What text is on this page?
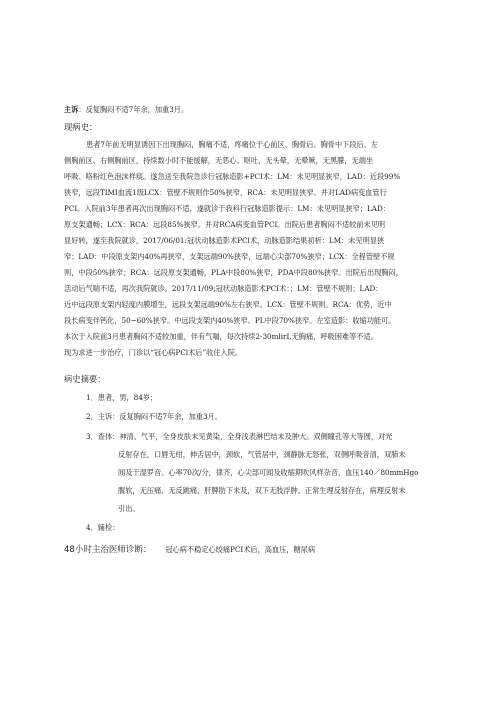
主诉：反复胸闷不适7年余，加重3月。
现病史：
患者7年前无明显诱因下出现胸闷，胸痛不适，疼痛位于心前区、胸骨后、胸骨中下段后、左
侧胸前区、右侧胸前区，持续数小时不能缓解，无恶心、呕吐，无头晕，无晕厥，无黑朦，无端坐
呼吸、咯粉红色泡沫样痰。遂急送至我院急诊行冠脉造影+PCI术：LM：未见明显狭窄，LAD：近段99%
狭窄，远段TIMI血流1级LCX：管壁不规则作50%狭窄，RCA：未见明显狭窄。并对LAD病变血管行
PCI。入院前3年患者再次出现胸闷不适，遂就诊于我科行冠脉造影提示：LM：未见明显狭窄；LAD：
原支架通畅；LCX：RCA：远段85%狭窄。并对RCA病变血管PCI。出院后患者胸闷不适较前未见明
显好转，遂至我院就诊，2017/06/01:冠状动脉造影术PCl术，动脉造影结果初析：LM：未见明显狭
窄；LAD：中段原支架内40%再狭窄，支架远端90%狭窄，远端心尖部70%狭窄；LCX：全程管壁不规
则，中段50%狭窄；RCA：远段原支架通畅，PLA中段80%狭窄，PDA中段80%狭窄。出院后出现胸闷，
活动后气喘不适，再次我院就诊。2017/11/09;冠状动脉造影术PCI术：；LM：管壁不规则；LAD：
近中远段原支架内轻度内膜增生，远段支架远端90%左右狭窄。LCX：管壁不规则。RCA：优势，近中
段长病变伴钙化，50~60%狭窄。中远段支架内40%狭窄。PL中段70%狭窄。左室造影：收缩功能可。
本次于入院前3月患者胸闷不适较加重，伴有气喘，每次持续2-30mlirI,无胸痛，呼吸困难等不适。
现为求进一步治疗，门诊以“冠心病PCl术后”收住入院。
病史摘要：
1．患者，男，84岁；
2．主诉：反复胸闷不适7年余，加重3月。
3．查体：神清、气平，全身皮肤未见黄染，全身浅表淋巴结未及肿大。双侧瞳孔等大等圆，对光
反射存在，口唇无绀，伸舌居中，颈软，气管居中，颈静脉无怒张，双侧呼吸音清，双肺未
闻及干湿罗音。心率70次/分，律齐，心尖部可闻及收缩期吹风样杂音，血压140／80mmHgo
腹软，无压痛、无反跳痛，肝脾肋下未及，双下无肢浮肿。正常生理反射存在，病理反射未
引出。
4．辅检：
48小时主治医师诊断： 冠心病不稳定心绞痛PCI术后，高血压，糖尿病
